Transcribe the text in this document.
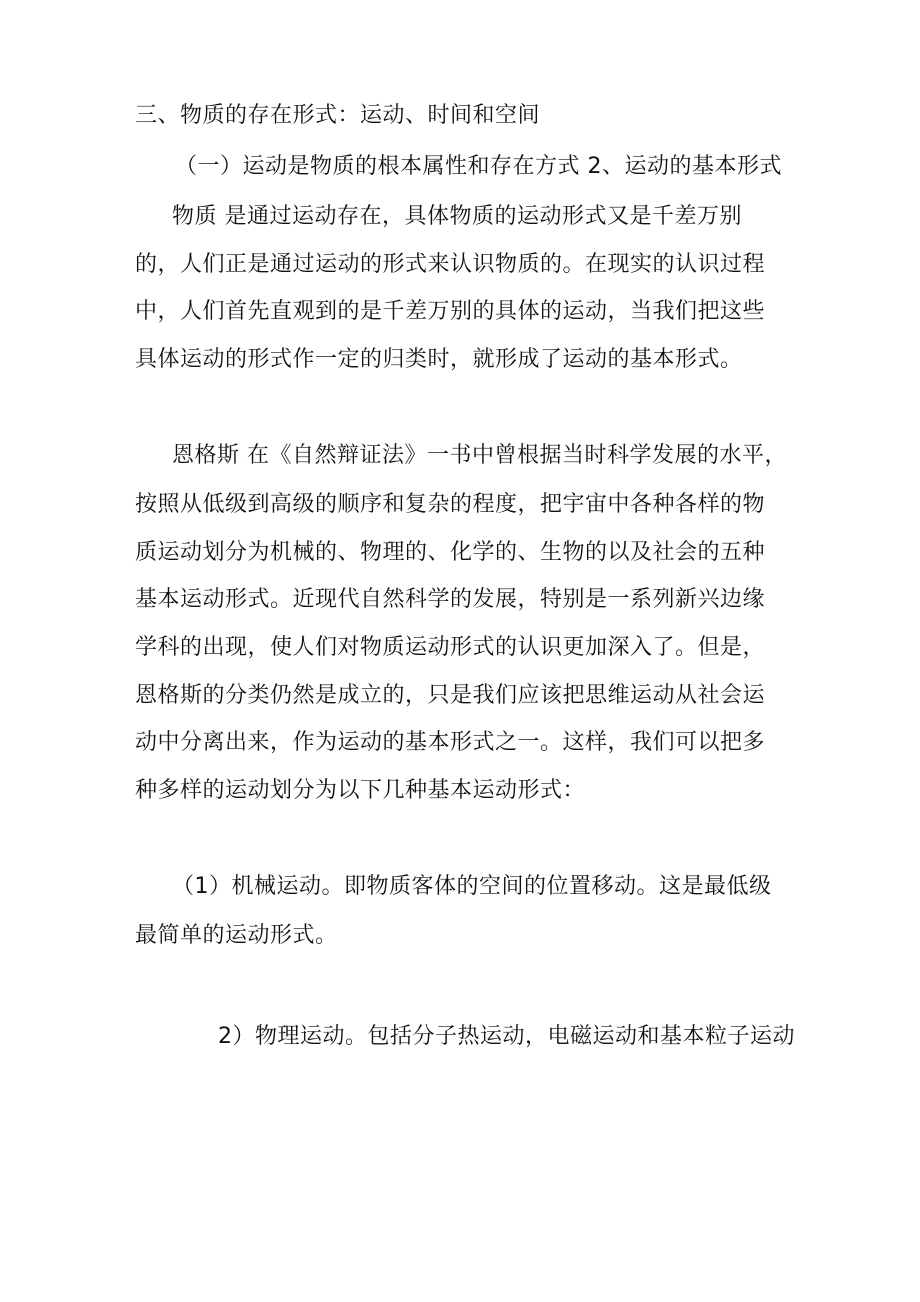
三、物质的存在形式：运动、时间和空间
（一）运动是物质的根本属性和存在方式 2、运动的基本形式
物质 是通过运动存在，具体物质的运动形式又是千差万别
的，人们正是通过运动的形式来认识物质的。在现实的认识过程
中，人们首先直观到的是千差万别的具体的运动，当我们把这些
具体运动的形式作一定的归类时，就形成了运动的基本形式。
恩格斯 在《自然辩证法》一书中曾根据当时科学发展的水平，
按照从低级到高级的顺序和复杂的程度，把宇宙中各种各样的物
质运动划分为机械的、物理的、化学的、生物的以及社会的五种
基本运动形式。近现代自然科学的发展，特别是一系列新兴边缘
学科的出现，使人们对物质运动形式的认识更加深入了。但是，
恩格斯的分类仍然是成立的，只是我们应该把思维运动从社会运
动中分离出来，作为运动的基本形式之一。这样，我们可以把多
种多样的运动划分为以下几种基本运动形式：
（1）机械运动。即物质客体的空间的位置移动。这是最低级
最简单的运动形式。
2）物理运动。包括分子热运动，电磁运动和基本粒子运动
